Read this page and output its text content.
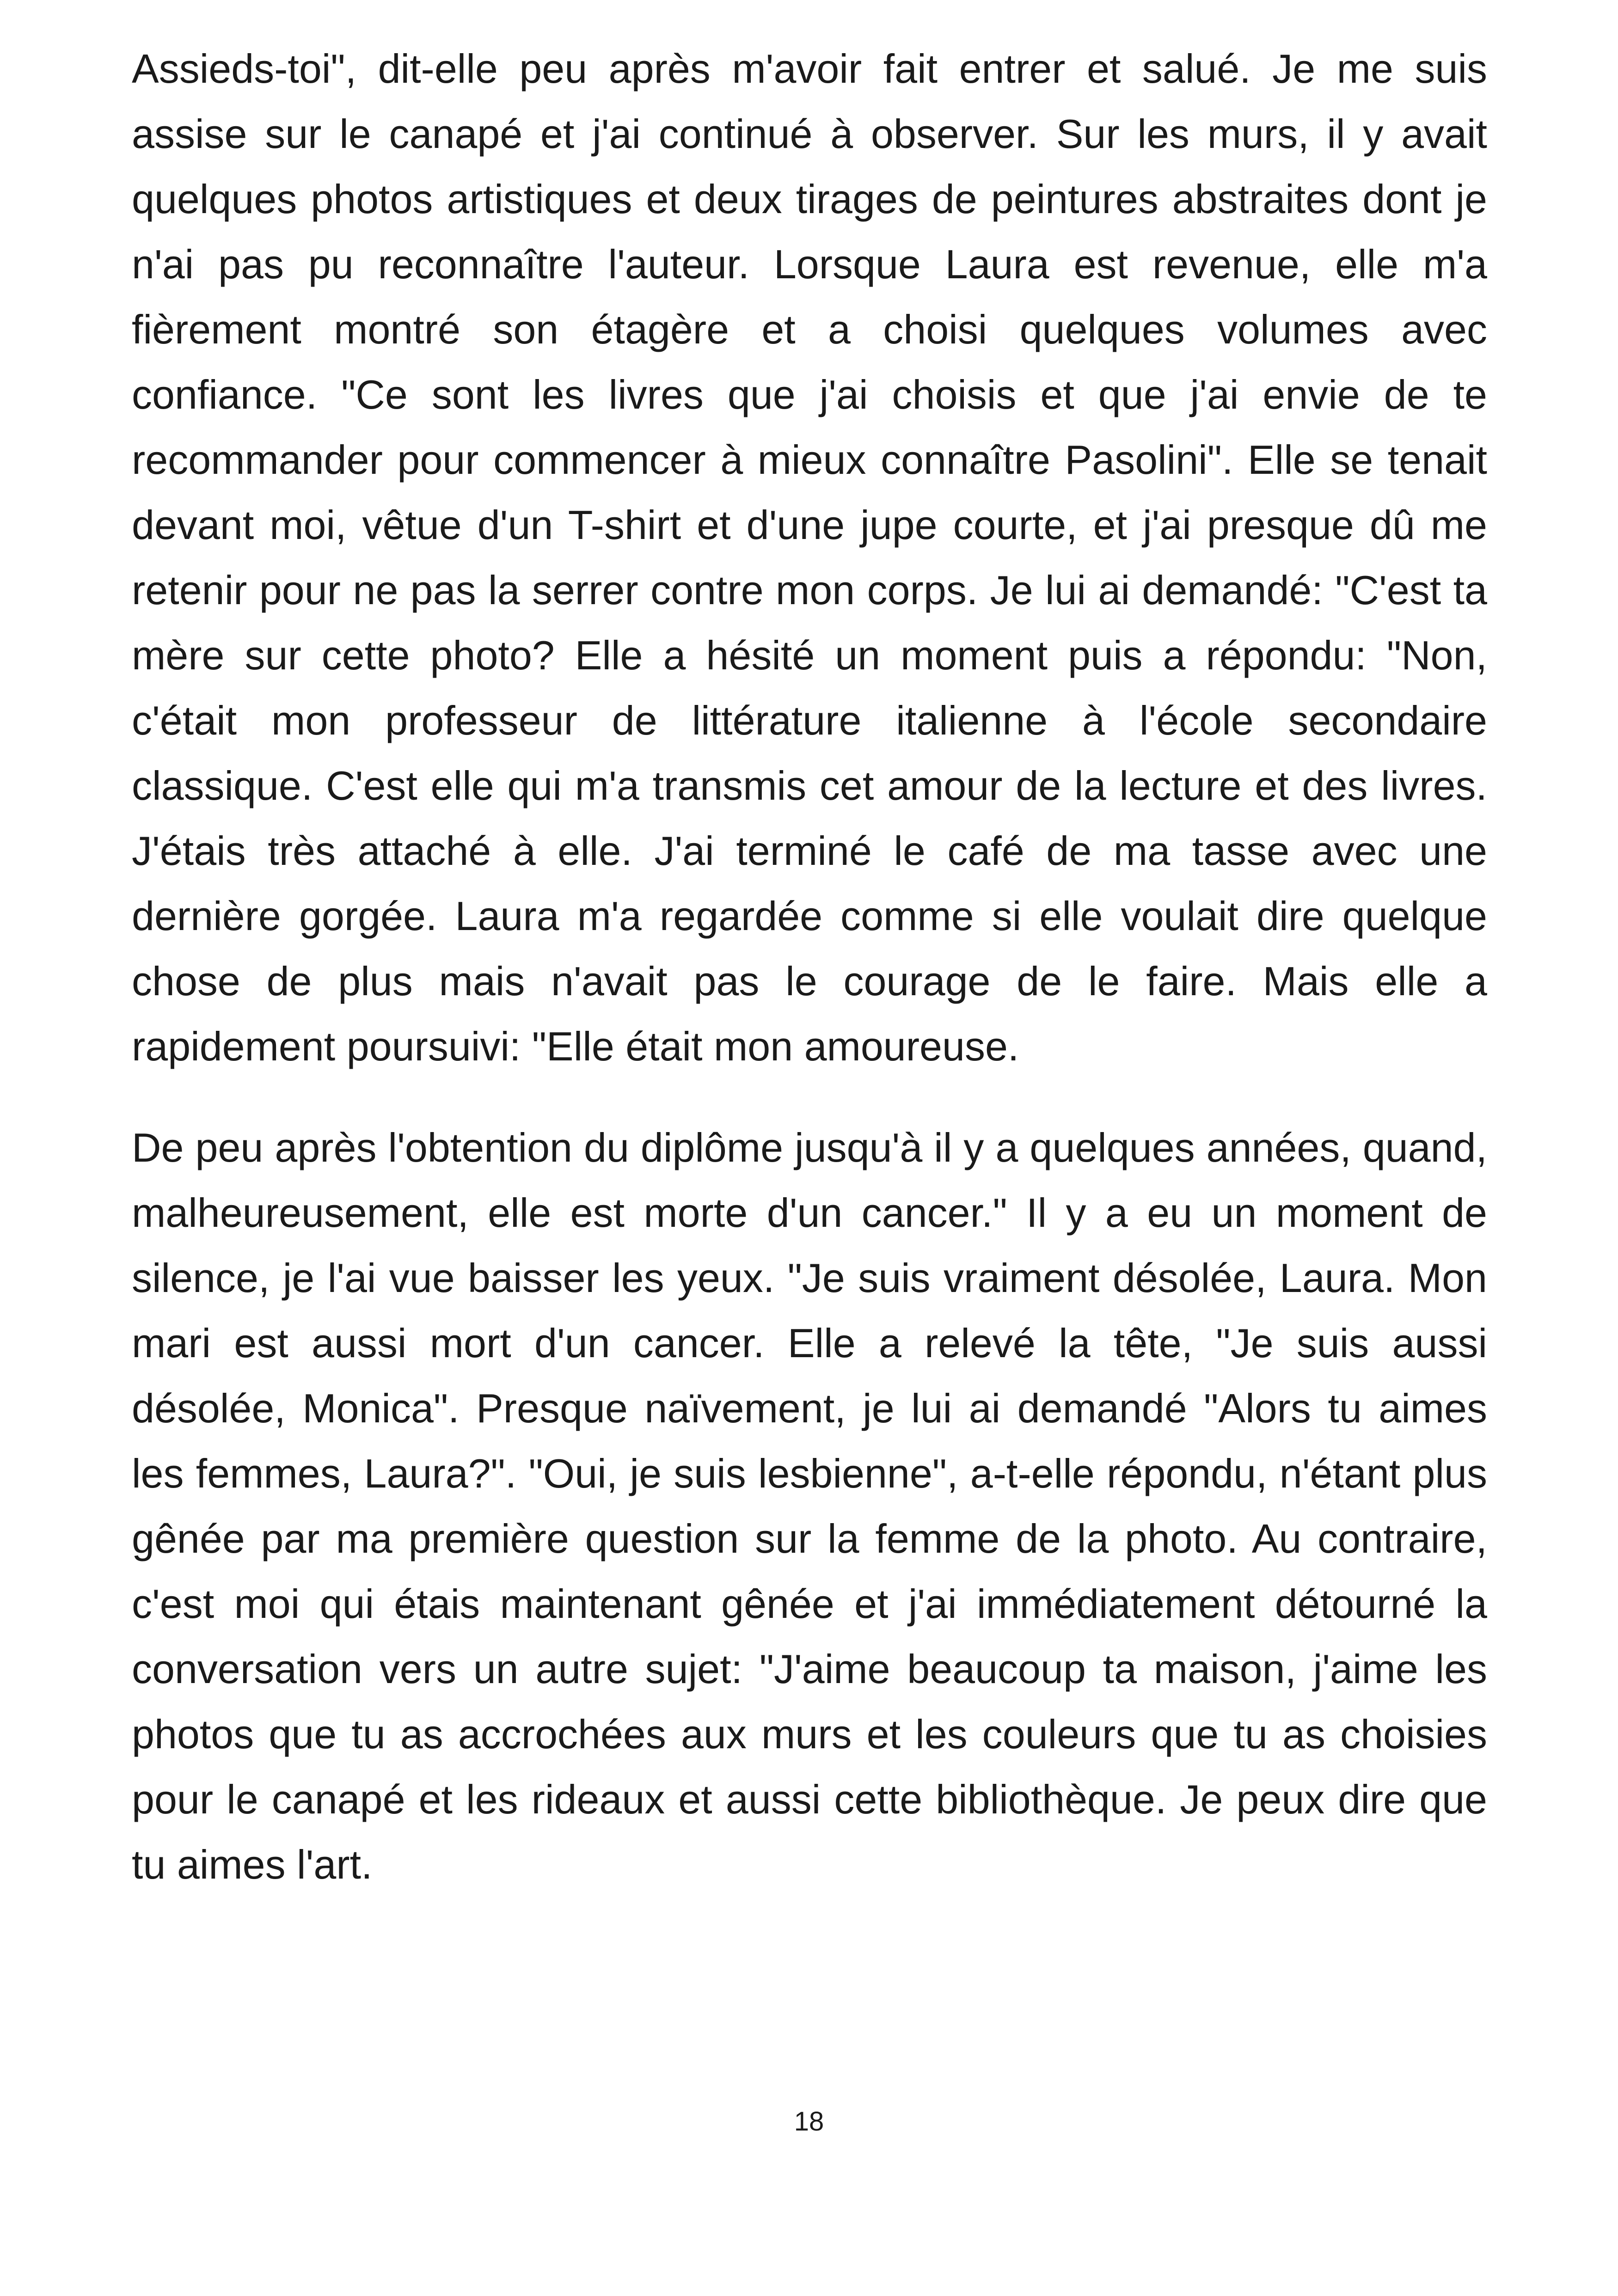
Assieds-toi", dit-elle peu après m'avoir fait entrer et salué. Je me suis assise sur le canapé et j'ai continué à observer. Sur les murs, il y avait quelques photos artistiques et deux tirages de peintures abstraites dont je n'ai pas pu reconnaître l'auteur. Lorsque Laura est revenue, elle m'a fièrement montré son étagère et a choisi quelques volumes avec confiance. "Ce sont les livres que j'ai choisis et que j'ai envie de te recommander pour commencer à mieux connaître Pasolini". Elle se tenait devant moi, vêtue d'un T-shirt et d'une jupe courte, et j'ai presque dû me retenir pour ne pas la serrer contre mon corps. Je lui ai demandé: "C'est ta mère sur cette photo? Elle a hésité un moment puis a répondu: "Non, c'était mon professeur de littérature italienne à l'école secondaire classique. C'est elle qui m'a transmis cet amour de la lecture et des livres. J'étais très attaché à elle. J'ai terminé le café de ma tasse avec une dernière gorgée. Laura m'a regardée comme si elle voulait dire quelque chose de plus mais n'avait pas le courage de le faire. Mais elle a rapidement poursuivi: "Elle était mon amoureuse.

De peu après l'obtention du diplôme jusqu'à il y a quelques années, quand, malheureusement, elle est morte d'un cancer." Il y a eu un moment de silence, je l'ai vue baisser les yeux. "Je suis vraiment désolée, Laura. Mon mari est aussi mort d'un cancer. Elle a relevé la tête, "Je suis aussi désolée, Monica". Presque naïvement, je lui ai demandé "Alors tu aimes les femmes, Laura?". "Oui, je suis lesbienne", a-t-elle répondu, n'étant plus gênée par ma première question sur la femme de la photo. Au contraire, c'est moi qui étais maintenant gênée et j'ai immédiatement détourné la conversation vers un autre sujet: "J'aime beaucoup ta maison, j'aime les photos que tu as accrochées aux murs et les couleurs que tu as choisies pour le canapé et les rideaux et aussi cette bibliothèque. Je peux dire que tu aimes l'art.

18
